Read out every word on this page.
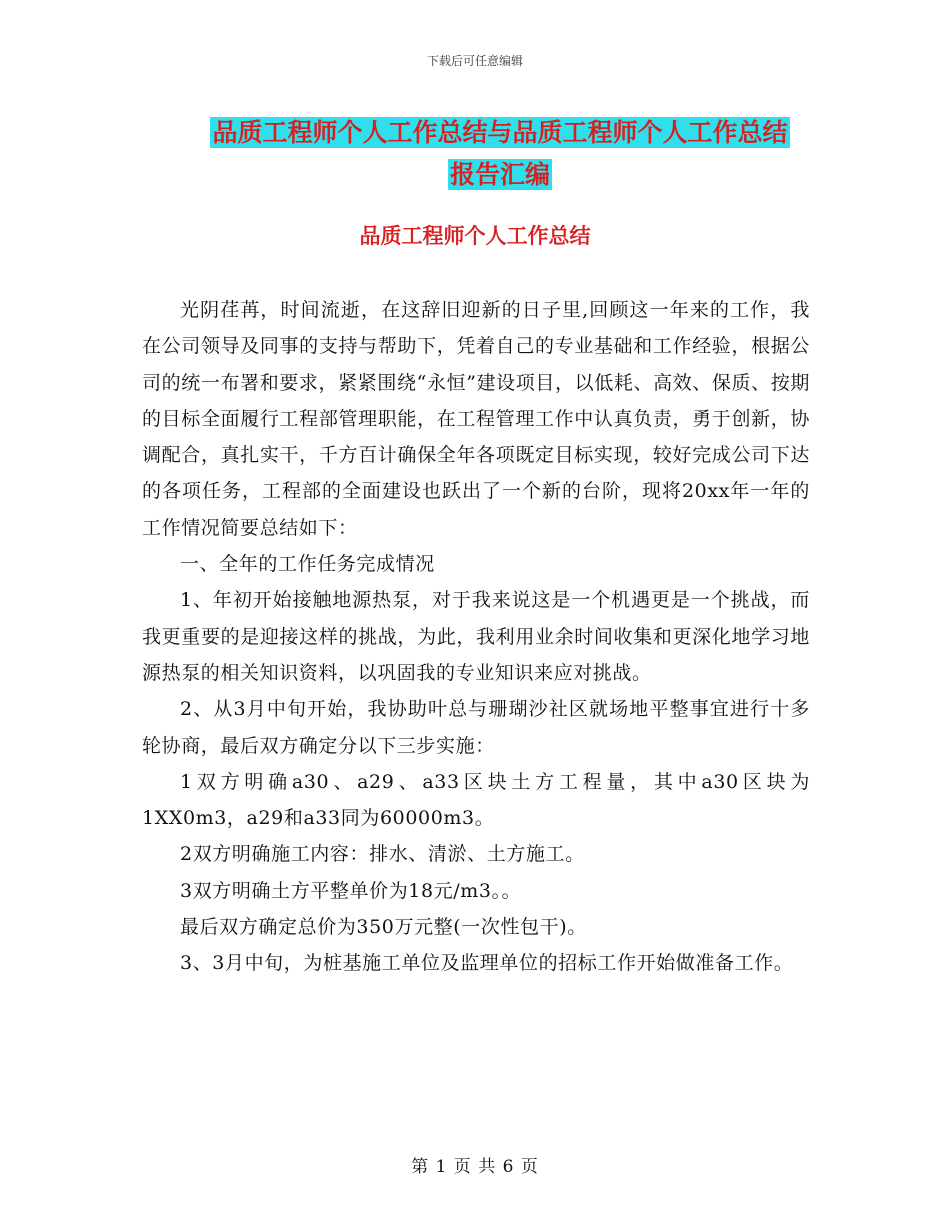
下载后可任意编辑
品质工程师个人工作总结与品质工程师个人工作总结
报告汇编
品质工程师个人工作总结

光阴荏苒，时间流逝，在这辞旧迎新的日子里,回顾这一年来的工作，我在公司领导及同事的支持与帮助下，凭着自己的专业基础和工作经验，根据公司的统一布署和要求，紧紧围绕“永恒”建设项目，以低耗、高效、保质、按期的目标全面履行工程部管理职能，在工程管理工作中认真负责，勇于创新，协调配合，真扎实干，千方百计确保全年各项既定目标实现，较好完成公司下达的各项任务，工程部的全面建设也跃出了一个新的台阶，现将20xx年一年的工作情况简要总结如下：

一、全年的工作任务完成情况

1、年初开始接触地源热泵，对于我来说这是一个机遇更是一个挑战，而我更重要的是迎接这样的挑战，为此，我利用业余时间收集和更深化地学习地源热泵的相关知识资料，以巩固我的专业知识来应对挑战。

2、从3月中旬开始，我协助叶总与珊瑚沙社区就场地平整事宜进行十多轮协商，最后双方确定分以下三步实施：

1双方明确a30、a29、a33区块土方工程量，其中a30区块为1XX0m3，a29和a33同为60000m3。

2双方明确施工内容：排水、清淤、土方施工。

3双方明确土方平整单价为18元/m3。。

最后双方确定总价为350万元整(一次性包干)。

3、3月中旬，为桩基施工单位及监理单位的招标工作开始做准备工作。

第 1 页 共 6 页
